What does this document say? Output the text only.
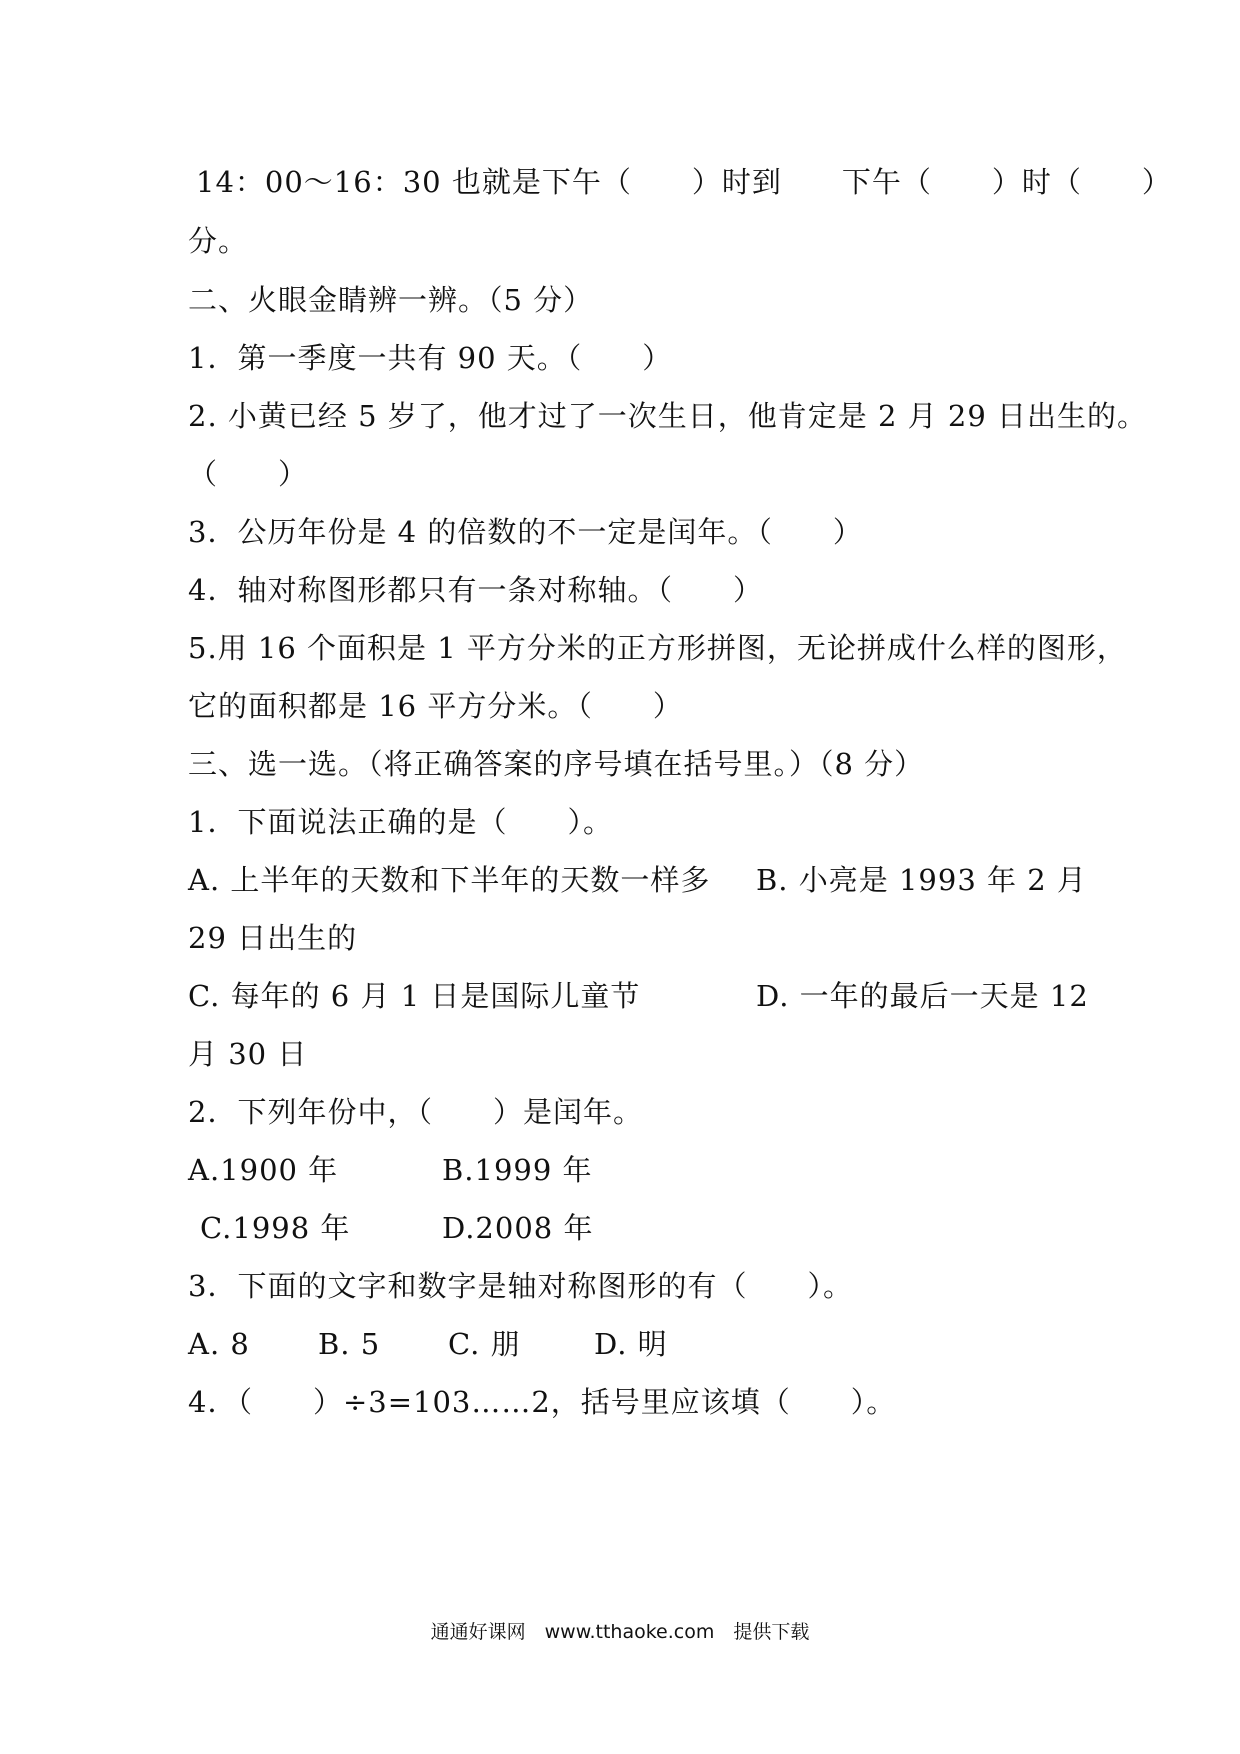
14：00～16：30 也就是下午（　　）时到　　下午（　　）时（　　）
分。
二、火眼金睛辨一辨。（5 分）
1．第一季度一共有 90 天。（　　）
2. 小黄已经 5 岁了，他才过了一次生日，他肯定是 2 月 29 日出生的。
（　　）
3．公历年份是 4 的倍数的不一定是闰年。（　　）
4．轴对称图形都只有一条对称轴。（　　）
5.用 16 个面积是 1 平方分米的正方形拼图，无论拼成什么样的图形，
它的面积都是 16 平方分米。（　　）
三、选一选。（将正确答案的序号填在括号里。）（8 分）
1．下面说法正确的是（　　）。
A. 上半年的天数和下半年的天数一样多 B. 小亮是 1993 年 2 月
29 日出生的
C. 每年的 6 月 1 日是国际儿童节	D. 一年的最后一天是 12
月 30 日
2．下列年份中，（　　）是闰年。
A.1900 年	B.1999 年
C.1998 年	D.2008 年
3．下面的文字和数字是轴对称图形的有（　　）。
A. 8 B. 5 C. 朋	D. 明
4．（　　）÷3=103……2，括号里应该填（　　）。
通通好课网　www.tthaoke.com　提供下载
